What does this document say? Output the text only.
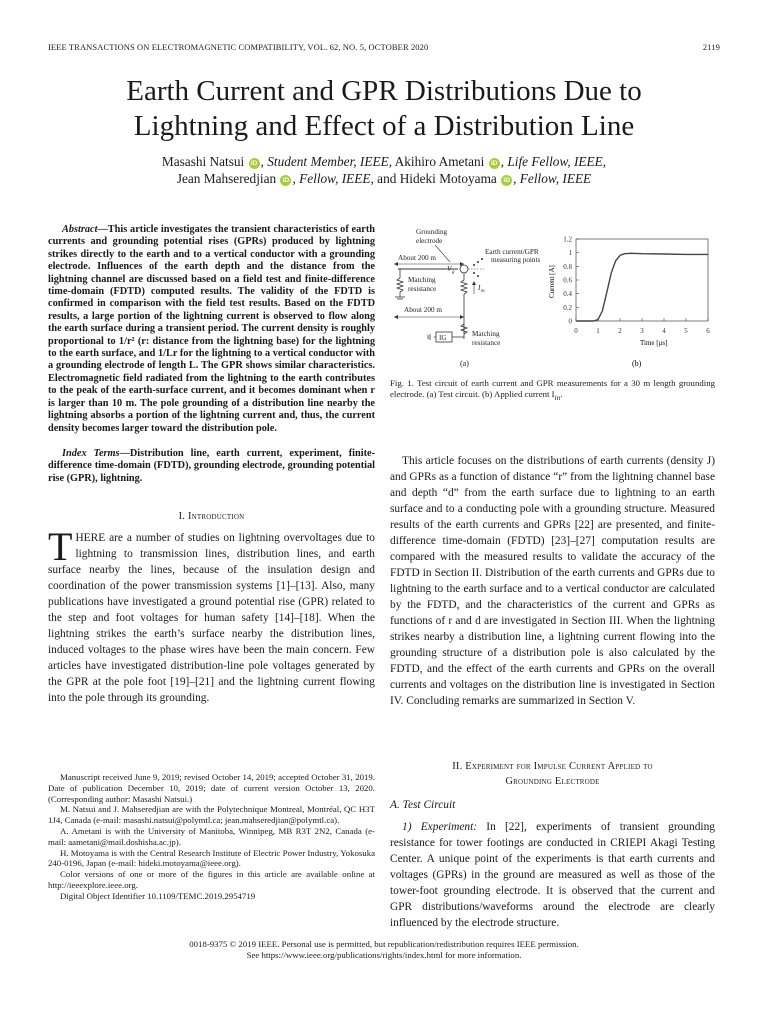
IEEE TRANSACTIONS ON ELECTROMAGNETIC COMPATIBILITY, VOL. 62, NO. 5, OCTOBER 2020	2119
Earth Current and GPR Distributions Due to
Lightning and Effect of a Distribution Line
Masashi Natsui iD , Student Member, IEEE, Akihiro Ametani iD , Life Fellow, IEEE,
Jean Mahseredjian iD , Fellow, IEEE, and Hideki Motoyama iD , Fellow, IEEE

Abstract—This article investigates the transient characteristics of earth currents and grounding potential rises (GPRs) produced by lightning strikes directly to the earth and to a vertical conductor with a grounding electrode. Influences of the earth depth and the distance from the lightning channel are discussed based on a field test and finite-difference time-domain (FDTD) computed results. The validity of the FDTD is confirmed in comparison with the field test results. Based on the FDTD results, a large portion of the lightning current is observed to flow along the earth surface during a transient period. The current density is roughly proportional to 1/r² (r: distance from the lightning base) for the lightning to the earth surface, and 1/Lr for the lightning to a vertical conductor with a grounding electrode of length L. The GPR shows similar characteristics. Electromagnetic field radiated from the lightning to the earth contributes to the peak of the earth-surface current, and it becomes dominant when r is larger than 10 m. The pole grounding of a distribution line nearby the lightning absorbs a portion of the lightning current and, thus, the current density becomes larger toward the distribution pole.

Index Terms—Distribution line, earth current, experiment, finite-difference time-domain (FDTD), grounding electrode, grounding potential rise (GPR), lightning.

I. Introduction

THERE are a number of studies on lightning overvoltages due to lightning to transmission lines, distribution lines, and earth surface nearby the lines, because of the insulation design and coordination of the power transmission systems [1]–[13]. Also, many publications have investigated a ground potential rise (GPR) related to the step and foot voltages for human safety [14]–[18]. When the lightning strikes the earth’s surface nearby the distribution lines, induced voltages to the phase wires have been the main concern. Few articles have investigated distribution-line pole voltages generated by the GPR at the pole foot [19]–[21] and the lightning current flowing into the pole through its grounding.

Manuscript received June 9, 2019; revised October 14, 2019; accepted October 31, 2019. Date of publication December 10, 2019; date of current version October 13, 2020. (Corresponding author: Masashi Natsui.)

M. Natsui and J. Mahseredjian are with the Polytechnique Montreal, Montréal, QC H3T 1J4, Canada (e-mail: masashi.natsui@polymtl.ca; jean.mahseredjian@polymtl.ca).

A. Ametani is with the University of Manitoba, Winnipeg, MB R3T 2N2, Canada (e-mail: aametani@mail.doshisha.ac.jp).

H. Motoyama is with the Central Research Institute of Electric Power Industry, Yokosuka 240-0196, Japan (e-mail: hideki.motoyama@ieee.org).

Color versions of one or more of the figures in this article are available online at http://ieeexplore.ieee.org.

Digital Object Identifier 10.1109/TEMC.2019.2954719

Grounding
electrode
About 200 m
V g
Earth current/GPR
measuring points
Matching
resistance	I m
About 200 m
IG	Matching
resistance
(a)
0
0.2
0.4
0.6
0.8
1
1.2
0	1	2	3	4	5	6
Current [A]
Time [μs]
(b)

Fig. 1. Test circuit of earth current and GPR measurements for a 30 m length grounding electrode. (a) Test circuit. (b) Applied current $I_{in}$.

This article focuses on the distributions of earth currents (density J) and GPRs as a function of distance “r” from the lightning channel base and depth “d” from the earth surface due to lightning to an earth surface and to a conducting pole with a grounding structure. Measured results of the earth currents and GPRs [22] are presented, and finite-difference time-domain (FDTD) [23]–[27] computation results are compared with the measured results to validate the accuracy of the FDTD in Section II. Distribution of the earth currents and GPRs due to lightning to the earth surface and to a vertical conductor are calculated by the FDTD, and the characteristics of the current and GPRs as functions of r and d are investigated in Section III. When the lightning strikes nearby a distribution line, a lightning current flowing into the grounding structure of a distribution pole is also calculated by the FDTD, and the effect of the earth currents and GPRs on the overall currents and voltages on the distribution line is investigated in Section IV. Concluding remarks are summarized in Section V.

II. Experiment for Impulse Current Applied to
Grounding Electrode
A. Test Circuit

1) Experiment: In [22], experiments of transient grounding resistance for tower footings are conducted in CRIEPI Akagi Testing Center. A unique point of the experiments is that earth currents and voltages (GPRs) in the ground are measured as well as those of the tower-foot grounding electrode. It is observed that the current and GPR distributions/waveforms around the electrode are clearly influenced by the electrode structure.

0018-9375 © 2019 IEEE. Personal use is permitted, but republication/redistribution requires IEEE permission.
See https://www.ieee.org/publications/rights/index.html for more information.
